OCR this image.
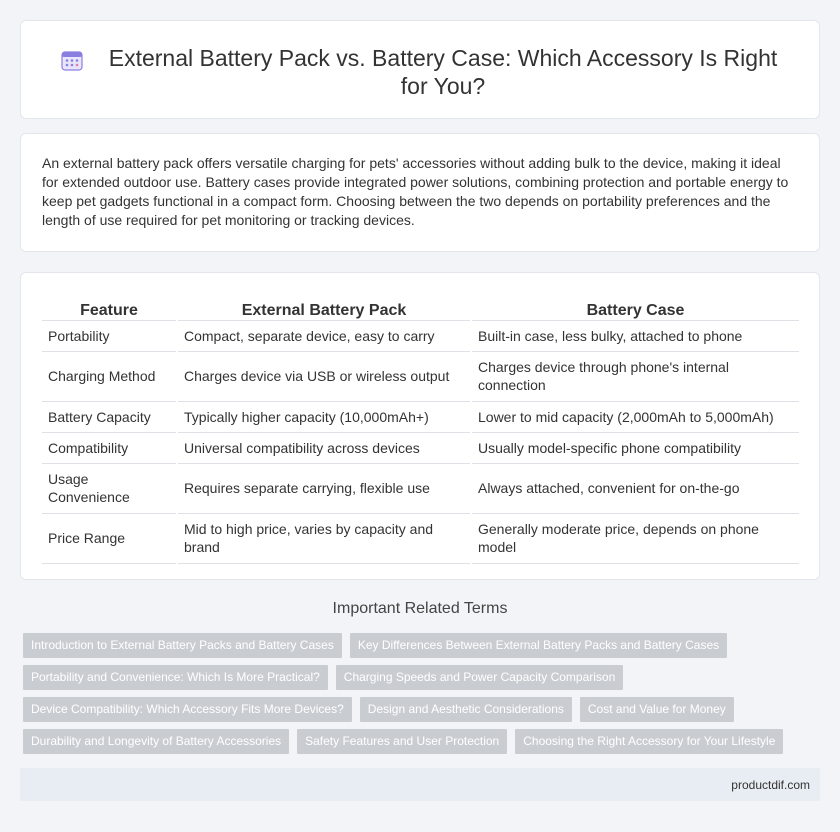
External Battery Pack vs. Battery Case: Which Accessory Is Right for You?

An external battery pack offers versatile charging for pets' accessories without adding bulk to the device, making it ideal for extended outdoor use. Battery cases provide integrated power solutions, combining protection and portable energy to keep pet gadgets functional in a compact form. Choosing between the two depends on portability preferences and the length of use required for pet monitoring or tracking devices.

Feature	External Battery Pack	Battery Case
Portability	Compact, separate device, easy to carry	Built-in case, less bulky, attached to phone
Charging Method	Charges device via USB or wireless output	Charges device through phone's internal connection
Battery Capacity	Typically higher capacity (10,000mAh+)	Lower to mid capacity (2,000mAh to 5,000mAh)
Compatibility	Universal compatibility across devices	Usually model-specific phone compatibility
Usage Convenience	Requires separate carrying, flexible use	Always attached, convenient for on-the-go
Price Range	Mid to high price, varies by capacity and brand	Generally moderate price, depends on phone model
Important Related Terms
Introduction to External Battery Packs and Battery Cases	Key Differences Between External Battery Packs and Battery Cases
Portability and Convenience: Which Is More Practical?	Charging Speeds and Power Capacity Comparison
Device Compatibility: Which Accessory Fits More Devices?	Design and Aesthetic Considerations	Cost and Value for Money
Durability and Longevity of Battery Accessories	Safety Features and User Protection	Choosing the Right Accessory for Your Lifestyle
productdif.com
